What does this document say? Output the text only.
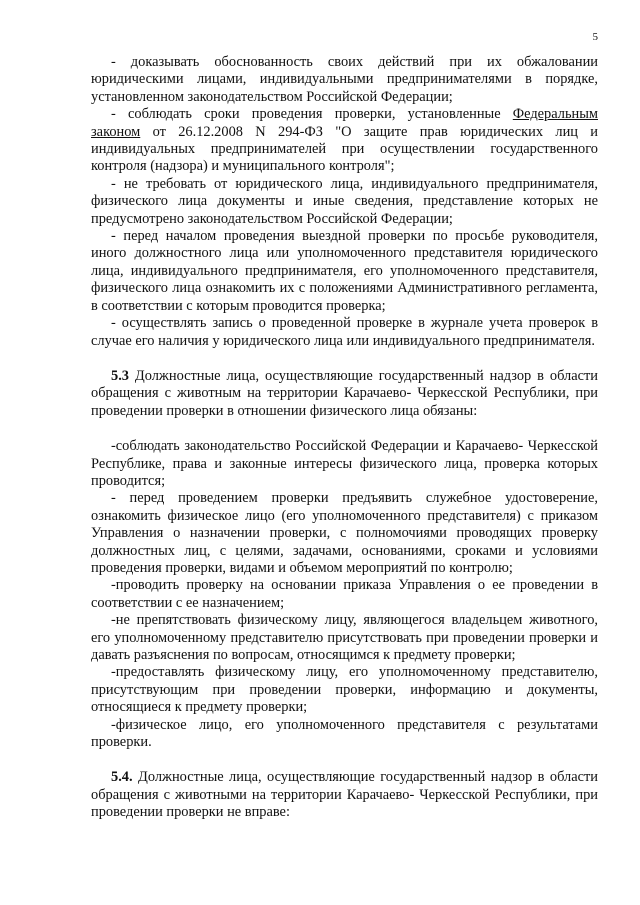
5

- доказывать обоснованность своих действий при их обжаловании юридическими лицами, индивидуальными предпринимателями в порядке, установленном законодательством Российской Федерации;

- соблюдать сроки проведения проверки, установленные Федеральным законом от 26.12.2008 N 294-ФЗ "О защите прав юридических лиц и индивидуальных предпринимателей при осуществлении государственного контроля (надзора) и муниципального контроля";

- не требовать от юридического лица, индивидуального предпринимателя, физического лица документы и иные сведения, представление которых не предусмотрено законодательством Российской Федерации;

- перед началом проведения выездной проверки по просьбе руководителя, иного должностного лица или уполномоченного представителя юридического лица, индивидуального предпринимателя, его уполномоченного представителя, физического лица ознакомить их с положениями Административного регламента, в соответствии с которым проводится проверка;

- осуществлять запись о проведенной проверке в журнале учета проверок в случае его наличия у юридического лица или индивидуального предпринимателя.

5.3 Должностные лица, осуществляющие государственный надзор в области обращения с животным на территории Карачаево- Черкесской Республики, при проведении проверки в отношении физического лица обязаны:

-соблюдать законодательство Российской Федерации и Карачаево- Черкесской Республике, права и законные интересы физического лица, проверка которых проводится;

- перед проведением проверки предъявить служебное удостоверение, ознакомить физическое лицо (его уполномоченного представителя) с приказом Управления о назначении проверки, с полномочиями проводящих проверку должностных лиц, с целями, задачами, основаниями, сроками и условиями проведения проверки, видами и объемом мероприятий по контролю;

-проводить проверку на основании приказа Управления о ее проведении в соответствии с ее назначением;

-не препятствовать физическому лицу, являющегося владельцем животного, его уполномоченному представителю присутствовать при проведении проверки и давать разъяснения по вопросам, относящимся к предмету проверки;

-предоставлять физическому лицу, его уполномоченному представителю, присутствующим при проведении проверки, информацию и документы, относящиеся к предмету проверки;

-физическое лицо, его уполномоченного представителя с результатами проверки.

5.4. Должностные лица, осуществляющие государственный надзор в области обращения с животными на территории Карачаево- Черкесской Республики, при проведении проверки не вправе:
